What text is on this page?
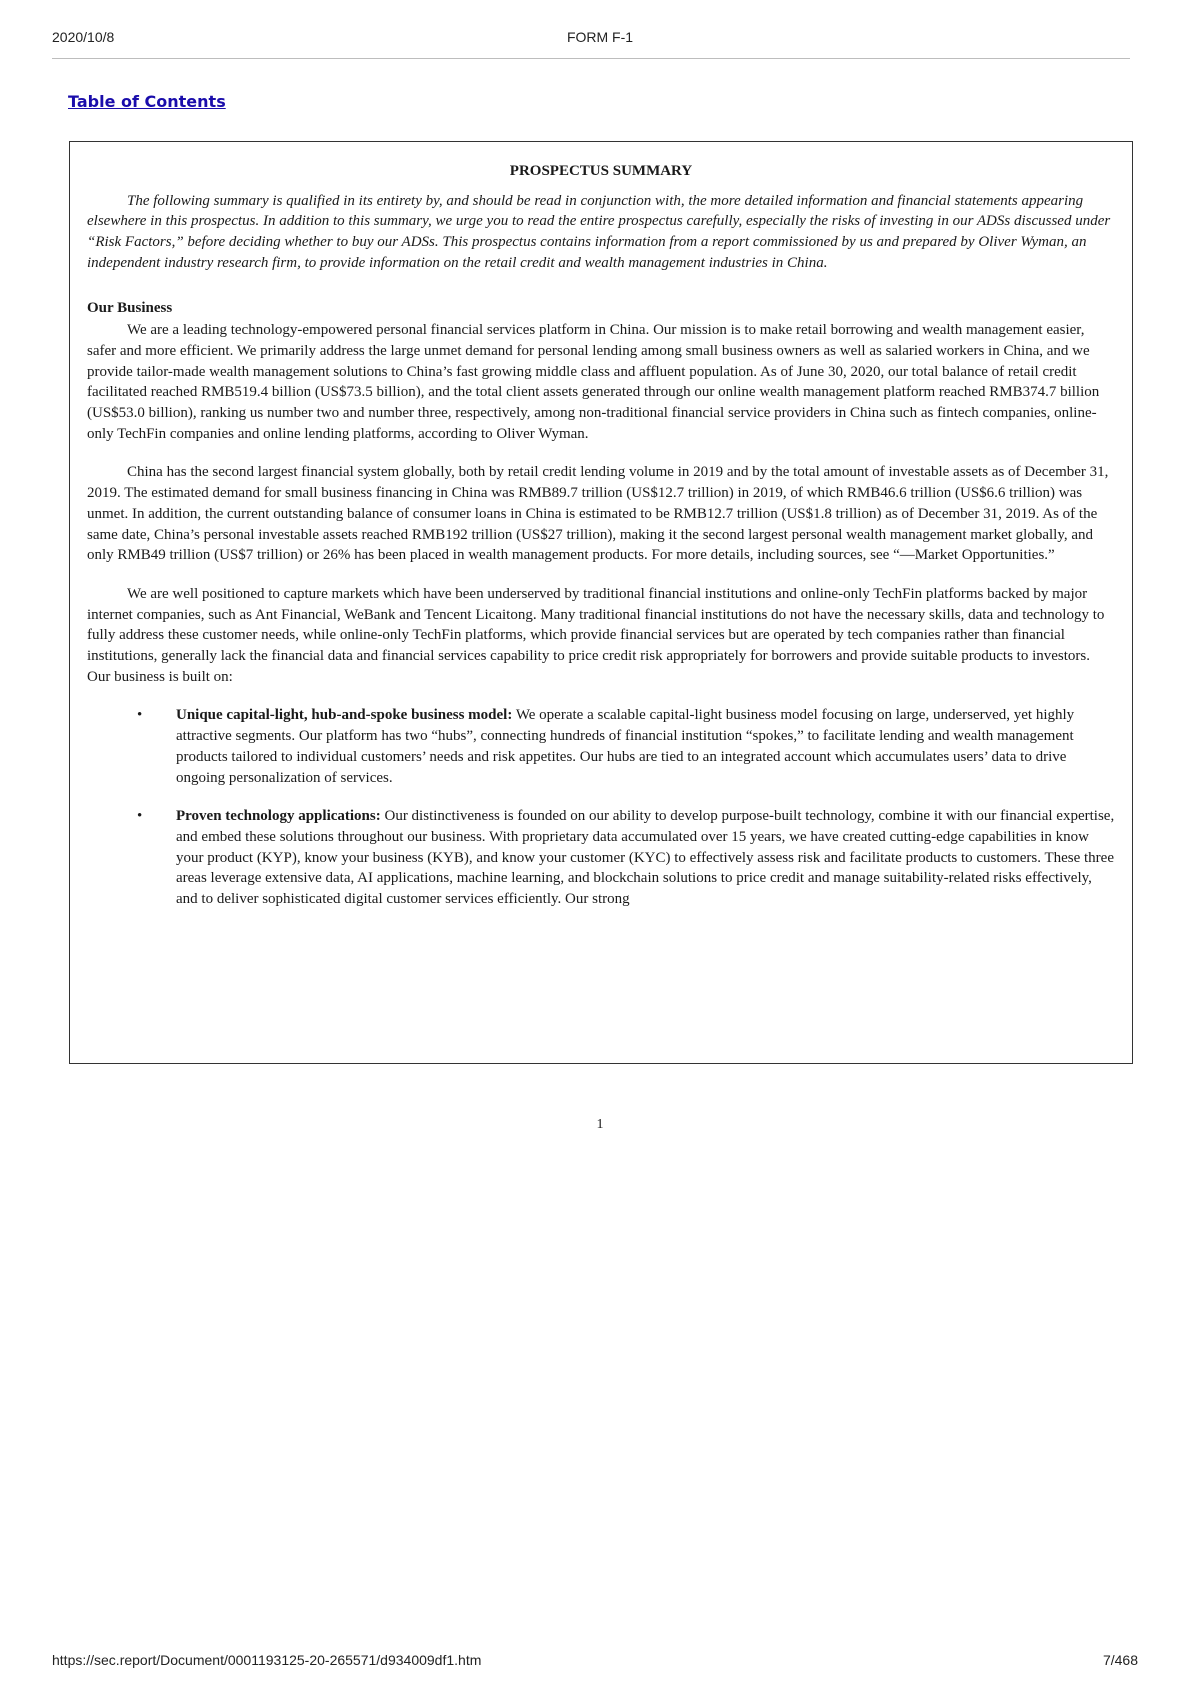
2020/10/8	FORM F-1
Table of Contents
PROSPECTUS SUMMARY

The following summary is qualified in its entirety by, and should be read in conjunction with, the more detailed information and financial statements appearing elsewhere in this prospectus. In addition to this summary, we urge you to read the entire prospectus carefully, especially the risks of investing in our ADSs discussed under “Risk Factors,” before deciding whether to buy our ADSs. This prospectus contains information from a report commissioned by us and prepared by Oliver Wyman, an independent industry research firm, to provide information on the retail credit and wealth management industries in China.

Our Business

We are a leading technology-empowered personal financial services platform in China. Our mission is to make retail borrowing and wealth management easier, safer and more efficient. We primarily address the large unmet demand for personal lending among small business owners as well as salaried workers in China, and we provide tailor-made wealth management solutions to China’s fast growing middle class and affluent population. As of June 30, 2020, our total balance of retail credit facilitated reached RMB519.4 billion (US$73.5 billion), and the total client assets generated through our online wealth management platform reached RMB374.7 billion (US$53.0 billion), ranking us number two and number three, respectively, among non-traditional financial service providers in China such as fintech companies, online-only TechFin companies and online lending platforms, according to Oliver Wyman.

China has the second largest financial system globally, both by retail credit lending volume in 2019 and by the total amount of investable assets as of December 31, 2019. The estimated demand for small business financing in China was RMB89.7 trillion (US$12.7 trillion) in 2019, of which RMB46.6 trillion (US$6.6 trillion) was unmet. In addition, the current outstanding balance of consumer loans in China is estimated to be RMB12.7 trillion (US$1.8 trillion) as of December 31, 2019. As of the same date, China’s personal investable assets reached RMB192 trillion (US$27 trillion), making it the second largest personal wealth management market globally, and only RMB49 trillion (US$7 trillion) or 26% has been placed in wealth management products. For more details, including sources, see “—Market Opportunities.”

We are well positioned to capture markets which have been underserved by traditional financial institutions and online-only TechFin platforms backed by major internet companies, such as Ant Financial, WeBank and Tencent Licaitong. Many traditional financial institutions do not have the necessary skills, data and technology to fully address these customer needs, while online-only TechFin platforms, which provide financial services but are operated by tech companies rather than financial institutions, generally lack the financial data and financial services capability to price credit risk appropriately for borrowers and provide suitable products to investors. Our business is built on:

• Unique capital-light, hub-and-spoke business model: We operate a scalable capital-light business model focusing on large, underserved, yet highly attractive segments. Our platform has two “hubs”, connecting hundreds of financial institution “spokes,” to facilitate lending and wealth management products tailored to individual customers’ needs and risk appetites. Our hubs are tied to an integrated account which accumulates users’ data to drive ongoing personalization of services.
• Proven technology applications: Our distinctiveness is founded on our ability to develop purpose-built technology, combine it with our financial expertise, and embed these solutions throughout our business. With proprietary data accumulated over 15 years, we have created cutting-edge capabilities in know your product (KYP), know your business (KYB), and know your customer (KYC) to effectively assess risk and facilitate products to customers. These three areas leverage extensive data, AI applications, machine learning, and blockchain solutions to price credit and manage suitability-related risks effectively, and to deliver sophisticated digital customer services efficiently. Our strong
1
https://sec.report/Document/0001193125-20-265571/d934009df1.htm	7/468
